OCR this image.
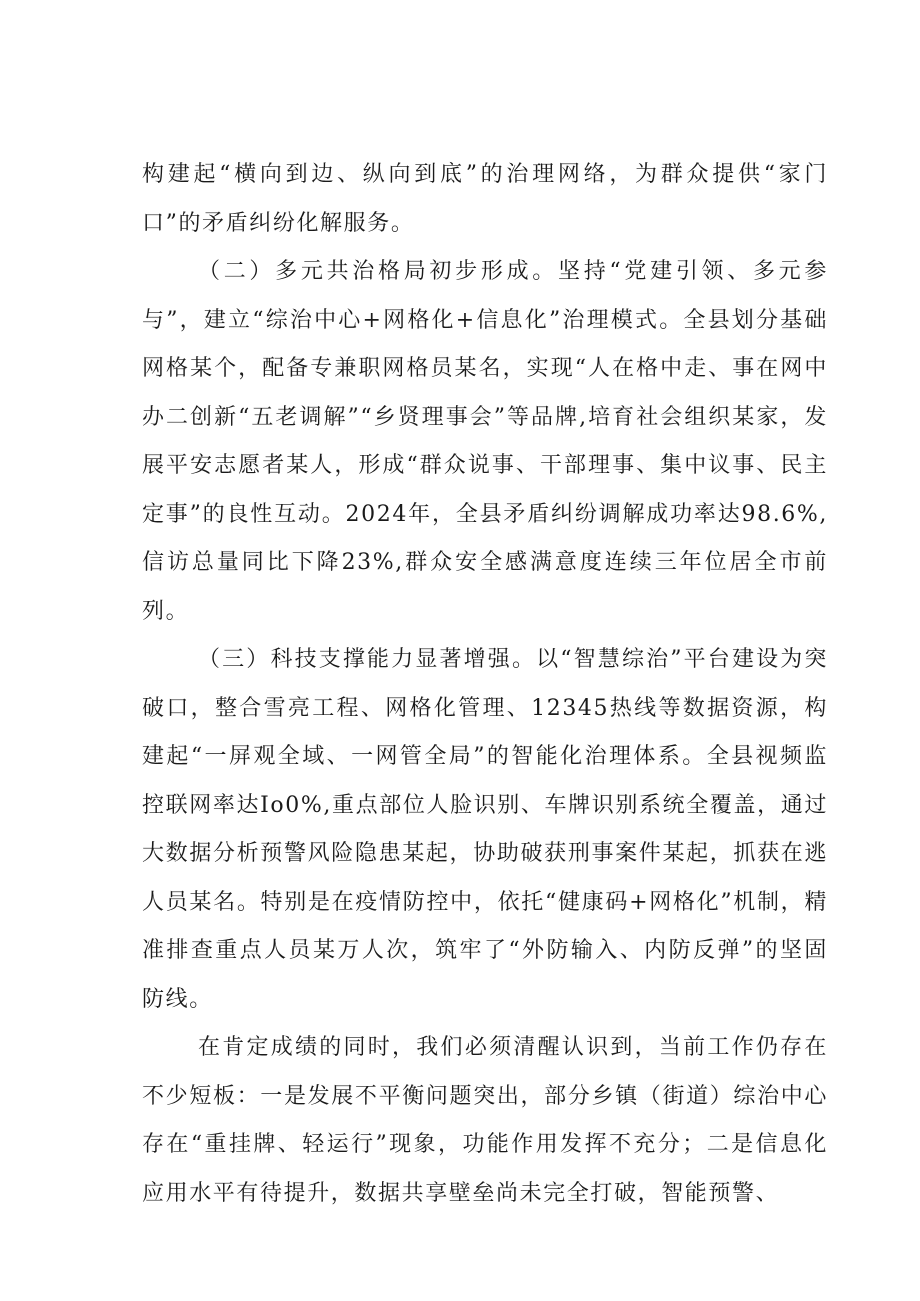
构建起“横向到边、纵向到底”的治理网络，为群众提供“家门口”的矛盾纠纷化解服务。

（二）多元共治格局初步形成。坚持“党建引领、多元参与”，建立“综治中心+网格化+信息化”治理模式。全县划分基础网格某个，配备专兼职网格员某名，实现“人在格中走、事在网中办二创新“五老调解”“乡贤理事会”等品牌,培育社会组织某家，发展平安志愿者某人，形成“群众说事、干部理事、集中议事、民主定事”的良性互动。2024年，全县矛盾纠纷调解成功率达98.6%,信访总量同比下降23%,群众安全感满意度连续三年位居全市前列。

（三）科技支撑能力显著增强。以“智慧综治”平台建设为突破口，整合雪亮工程、网格化管理、12345热线等数据资源，构建起“一屏观全域、一网管全局”的智能化治理体系。全县视频监控联网率达Io0%,重点部位人脸识别、车牌识别系统全覆盖，通过大数据分析预警风险隐患某起，协助破获刑事案件某起，抓获在逃人员某名。特别是在疫情防控中，依托“健康码+网格化”机制，精准排查重点人员某万人次，筑牢了“外防输入、内防反弹”的坚固防线。

在肯定成绩的同时，我们必须清醒认识到，当前工作仍存在不少短板：一是发展不平衡问题突出，部分乡镇（街道）综治中心存在“重挂牌、轻运行”现象，功能作用发挥不充分；二是信息化应用水平有待提升，数据共享壁垒尚未完全打破，智能预警、
